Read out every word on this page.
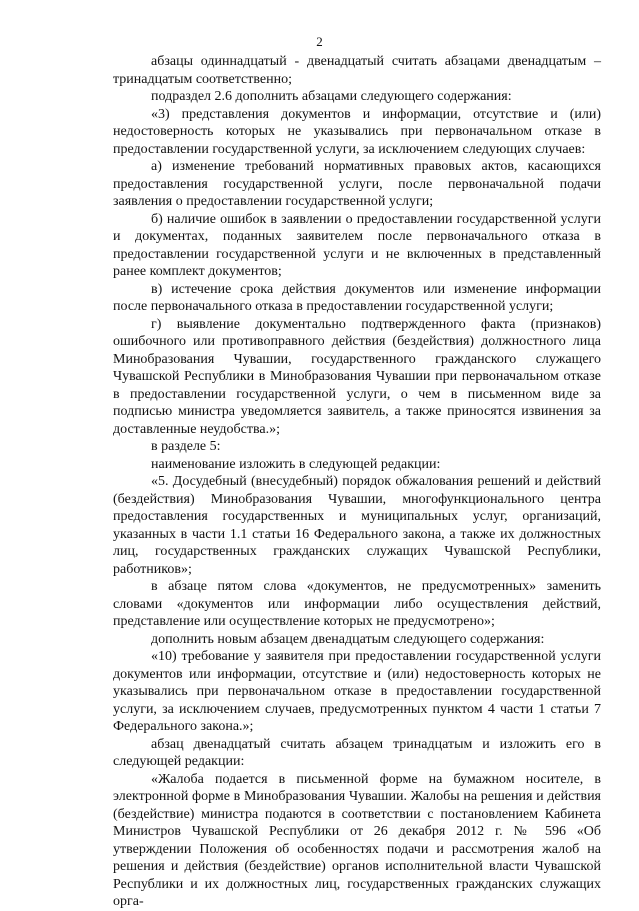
2

абзацы одиннадцатый - двенадцатый считать абзацами двенадцатым – тринадцатым соответственно;

подраздел 2.6 дополнить абзацами следующего содержания:

«3) представления документов и информации, отсутствие и (или) недостоверность которых не указывались при первоначальном отказе в предоставлении государственной услуги, за исключением следующих случаев:

а) изменение требований нормативных правовых актов, касающихся предоставления государственной услуги, после первоначальной подачи заявления о предоставлении государственной услуги;

б) наличие ошибок в заявлении о предоставлении государственной услуги и документах, поданных заявителем после первоначального отказа в предоставлении государственной услуги и не включенных в представленный ранее комплект документов;

в) истечение срока действия документов или изменение информации после первоначального отказа в предоставлении государственной услуги;

г) выявление документально подтвержденного факта (признаков) ошибочного или противоправного действия (бездействия) должностного лица Минобразования Чувашии, государственного гражданского служащего Чувашской Республики в Минобразования Чувашии при первоначальном отказе в предоставлении государственной услуги, о чем в письменном виде за подписью министра уведомляется заявитель, а также приносятся извинения за доставленные неудобства.»;

в разделе 5:

наименование изложить в следующей редакции:

«5. Досудебный (внесудебный) порядок обжалования решений и действий (бездействия) Минобразования Чувашии, многофункционального центра предоставления государственных и муниципальных услуг, организаций, указанных в части 1.1 статьи 16 Федерального закона, а также их должностных лиц, государственных гражданских служащих Чувашской Республики, работников»;

в абзаце пятом слова «документов, не предусмотренных» заменить словами «документов или информации либо осуществления действий, представление или осуществление которых не предусмотрено»;

дополнить новым абзацем двенадцатым следующего содержания:

«10) требование у заявителя при предоставлении государственной услуги документов или информации, отсутствие и (или) недостоверность которых не указывались при первоначальном отказе в предоставлении государственной услуги, за исключением случаев, предусмотренных пунктом 4 части 1 статьи 7 Федерального закона.»;

абзац двенадцатый считать абзацем тринадцатым и изложить его в следующей редакции:

«Жалоба подается в письменной форме на бумажном носителе, в электронной форме в Минобразования Чувашии. Жалобы на решения и действия (бездействие) министра подаются в соответствии с постановлением Кабинета Министров Чувашской Республики от 26 декабря 2012 г. № 596 «Об утверждении Положения об особенностях подачи и рассмотрения жалоб на решения и действия (бездействие) органов исполнительной власти Чувашской Республики и их должностных лиц, государственных гражданских служащих орга-
